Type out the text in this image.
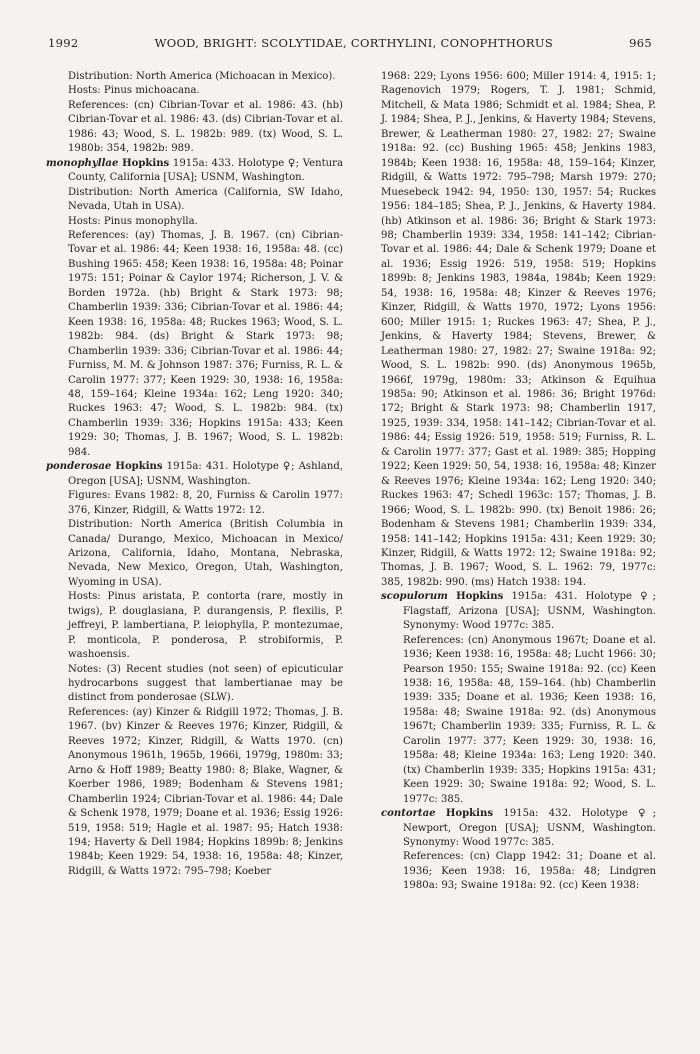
1992	WOOD, BRIGHT: SCOLYTIDAE, CORTHYLINI, CONOPHTHORUS	965

Distribution: North America (Michoacan in Mexico).

Hosts: Pinus michoacana.

References: (cn) Cibrian-Tovar et al. 1986: 43. (hb) Cibrian-Tovar et al. 1986: 43. (ds) Cibrian-Tovar et al. 1986: 43; Wood, S. L. 1982b: 989. (tx) Wood, S. L. 1980b: 354, 1982b: 989.

monophyllae Hopkins 1915a: 433. Holotype ♀; Ventura County, California [USA]; USNM, Washington.

Distribution: North America (California, SW Idaho, Nevada, Utah in USA).

Hosts: Pinus monophylla.

References: (ay) Thomas, J. B. 1967. (cn) Cibrian-Tovar et al. 1986: 44; Keen 1938: 16, 1958a: 48. (cc) Bushing 1965: 458; Keen 1938: 16, 1958a: 48; Poinar 1975: 151; Poinar & Caylor 1974; Richerson, J. V. & Borden 1972a. (hb) Bright & Stark 1973: 98; Chamberlin 1939: 336; Cibrian-Tovar et al. 1986: 44; Keen 1938: 16, 1958a: 48; Ruckes 1963; Wood, S. L. 1982b: 984. (ds) Bright & Stark 1973: 98; Chamberlin 1939: 336; Cibrian-Tovar et al. 1986: 44; Furniss, M. M. & Johnson 1987: 376; Furniss, R. L. & Carolin 1977: 377; Keen 1929: 30, 1938: 16, 1958a: 48, 159–164; Kleine 1934a: 162; Leng 1920: 340; Ruckes 1963: 47; Wood, S. L. 1982b: 984. (tx) Chamberlin 1939: 336; Hopkins 1915a: 433; Keen 1929: 30; Thomas, J. B. 1967; Wood, S. L. 1982b: 984.

ponderosae Hopkins 1915a: 431. Holotype ♀; Ashland, Oregon [USA]; USNM, Washington.

Figures: Evans 1982: 8, 20, Furniss & Carolin 1977: 376, Kinzer, Ridgill, & Watts 1972: 12.

Distribution: North America (British Columbia in Canada/ Durango, Mexico, Michoacan in Mexico/ Arizona, California, Idaho, Montana, Nebraska, Nevada, New Mexico, Oregon, Utah, Washington, Wyoming in USA).

Hosts: Pinus aristata, P. contorta (rare, mostly in twigs), P. douglasiana, P. durangensis, P. flexilis, P. jeffreyi, P. lambertiana, P. leiophylla, P. montezumae, P. monticola, P. ponderosa, P. strobiformis, P. washoensis.

Notes: (3) Recent studies (not seen) of epicuticular hydrocarbons suggest that lambertianae may be distinct from ponderosae (SLW).

References: (ay) Kinzer & Ridgill 1972; Thomas, J. B. 1967. (bv) Kinzer & Reeves 1976; Kinzer, Ridgill, & Reeves 1972; Kinzer, Ridgill, & Watts 1970. (cn) Anonymous 1961h, 1965b, 1966i, 1979g, 1980m: 33; Arno & Hoff 1989; Beatty 1980: 8; Blake, Wagner, & Koerber 1986, 1989; Bodenham & Stevens 1981; Chamberlin 1924; Cibrian-Tovar et al. 1986: 44; Dale & Schenk 1978, 1979; Doane et al. 1936; Essig 1926: 519, 1958: 519; Hagle et al. 1987: 95; Hatch 1938: 194; Haverty & Dell 1984; Hopkins 1899b: 8; Jenkins 1984b; Keen 1929: 54, 1938: 16, 1958a: 48; Kinzer, Ridgill, & Watts 1972: 795–798; Koeber

1968: 229; Lyons 1956: 600; Miller 1914: 4, 1915: 1; Ragenovich 1979; Rogers, T. J. 1981; Schmid, Mitchell, & Mata 1986; Schmidt et al. 1984; Shea, P. J. 1984; Shea, P. J., Jenkins, & Haverty 1984; Stevens, Brewer, & Leatherman 1980: 27, 1982: 27; Swaine 1918a: 92. (cc) Bushing 1965: 458; Jenkins 1983, 1984b; Keen 1938: 16, 1958a: 48, 159–164; Kinzer, Ridgill, & Watts 1972: 795–798; Marsh 1979: 270; Muesebeck 1942: 94, 1950: 130, 1957: 54; Ruckes 1956: 184–185; Shea, P. J., Jenkins, & Haverty 1984. (hb) Atkinson et al. 1986: 36; Bright & Stark 1973: 98; Chamberlin 1939: 334, 1958: 141–142; Cibrian-Tovar et al. 1986: 44; Dale & Schenk 1979; Doane et al. 1936; Essig 1926: 519, 1958: 519; Hopkins 1899b: 8; Jenkins 1983, 1984a, 1984b; Keen 1929: 54, 1938: 16, 1958a: 48; Kinzer & Reeves 1976; Kinzer, Ridgill, & Watts 1970, 1972; Lyons 1956: 600; Miller 1915: 1; Ruckes 1963: 47; Shea, P. J., Jenkins, & Haverty 1984; Stevens, Brewer, & Leatherman 1980: 27, 1982: 27; Swaine 1918a: 92; Wood, S. L. 1982b: 990. (ds) Anonymous 1965b, 1966f, 1979g, 1980m: 33; Atkinson & Equihua 1985a: 90; Atkinson et al. 1986: 36; Bright 1976d: 172; Bright & Stark 1973: 98; Chamberlin 1917, 1925, 1939: 334, 1958: 141–142; Cibrian-Tovar et al. 1986: 44; Essig 1926: 519, 1958: 519; Furniss, R. L. & Carolin 1977: 377; Gast et al. 1989: 385; Hopping 1922; Keen 1929: 50, 54, 1938: 16, 1958a: 48; Kinzer & Reeves 1976; Kleine 1934a: 162; Leng 1920: 340; Ruckes 1963: 47; Schedl 1963c: 157; Thomas, J. B. 1966; Wood, S. L. 1982b: 990. (tx) Benoit 1986: 26; Bodenham & Stevens 1981; Chamberlin 1939: 334, 1958: 141–142; Hopkins 1915a: 431; Keen 1929: 30; Kinzer, Ridgill, & Watts 1972: 12; Swaine 1918a: 92; Thomas, J. B. 1967; Wood, S. L. 1962: 79, 1977c: 385, 1982b: 990. (ms) Hatch 1938: 194.

scopulorum Hopkins 1915a: 431. Holotype ♀; Flagstaff, Arizona [USA]; USNM, Washington. Synonymy: Wood 1977c: 385.

References: (cn) Anonymous 1967t; Doane et al. 1936; Keen 1938: 16, 1958a: 48; Lucht 1966: 30; Pearson 1950: 155; Swaine 1918a: 92. (cc) Keen 1938: 16, 1958a: 48, 159–164. (hb) Chamberlin 1939: 335; Doane et al. 1936; Keen 1938: 16, 1958a: 48; Swaine 1918a: 92. (ds) Anonymous 1967t; Chamberlin 1939: 335; Furniss, R. L. & Carolin 1977: 377; Keen 1929: 30, 1938: 16, 1958a: 48; Kleine 1934a: 163; Leng 1920: 340. (tx) Chamberlin 1939: 335; Hopkins 1915a: 431; Keen 1929: 30; Swaine 1918a: 92; Wood, S. L. 1977c: 385.

contortae Hopkins 1915a: 432. Holotype ♀; Newport, Oregon [USA]; USNM, Washington. Synonymy: Wood 1977c: 385.

References: (cn) Clapp 1942: 31; Doane et al. 1936; Keen 1938: 16, 1958a: 48; Lindgren 1980a: 93; Swaine 1918a: 92. (cc) Keen 1938:
